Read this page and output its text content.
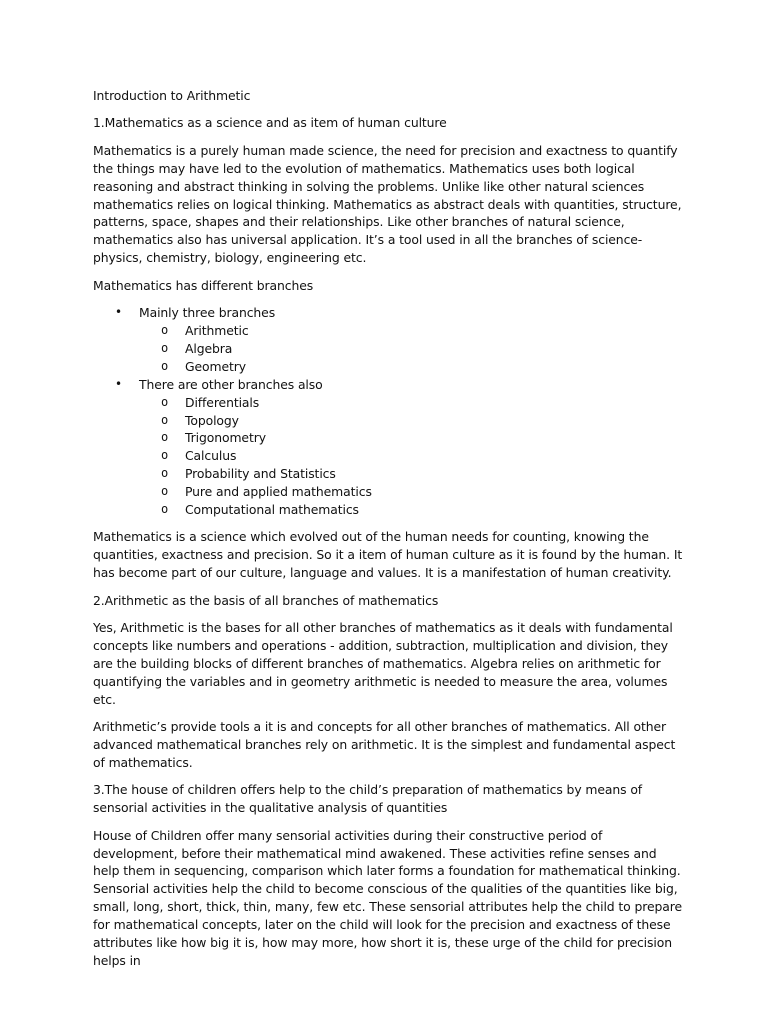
Introduction to Arithmetic

1.Mathematics as a science and as item of human culture

Mathematics is a purely human made science, the need for precision and exactness to quantify the things may have led to the evolution of mathematics. Mathematics uses both logical reasoning and abstract thinking in solving the problems. Unlike like other natural sciences mathematics relies on logical thinking. Mathematics as abstract deals with quantities, structure, patterns, space, shapes and their relationships. Like other branches of natural science, mathematics also has universal application. It’s a tool used in all the branches of science-physics, chemistry, biology, engineering etc.

Mathematics has different branches

• Mainly three branches
o Arithmetic
o Algebra
o Geometry
• There are other branches also
o Differentials
o Topology
o Trigonometry
o Calculus
o Probability and Statistics
o Pure and applied mathematics
o Computational mathematics

Mathematics is a science which evolved out of the human needs for counting, knowing the quantities, exactness and precision. So it a item of human culture as it is found by the human. It has become part of our culture, language and values. It is a manifestation of human creativity.

2.Arithmetic as the basis of all branches of mathematics

Yes, Arithmetic is the bases for all other branches of mathematics as it deals with fundamental concepts like numbers and operations - addition, subtraction, multiplication and division, they are the building blocks of different branches of mathematics. Algebra relies on arithmetic for quantifying the variables and in geometry arithmetic is needed to measure the area, volumes etc.

Arithmetic’s provide tools a it is and concepts for all other branches of mathematics. All other advanced mathematical branches rely on arithmetic. It is the simplest and fundamental aspect of mathematics.

3.The house of children offers help to the child’s preparation of mathematics by means of sensorial activities in the qualitative analysis of quantities

House of Children offer many sensorial activities during their constructive period of development, before their mathematical mind awakened. These activities refine senses and help them in sequencing, comparison which later forms a foundation for mathematical thinking. Sensorial activities help the child to become conscious of the qualities of the quantities like big, small, long, short, thick, thin, many, few etc. These sensorial attributes help the child to prepare for mathematical concepts, later on the child will look for the precision and exactness of these attributes like how big it is, how may more, how short it is, these urge of the child for precision helps in
